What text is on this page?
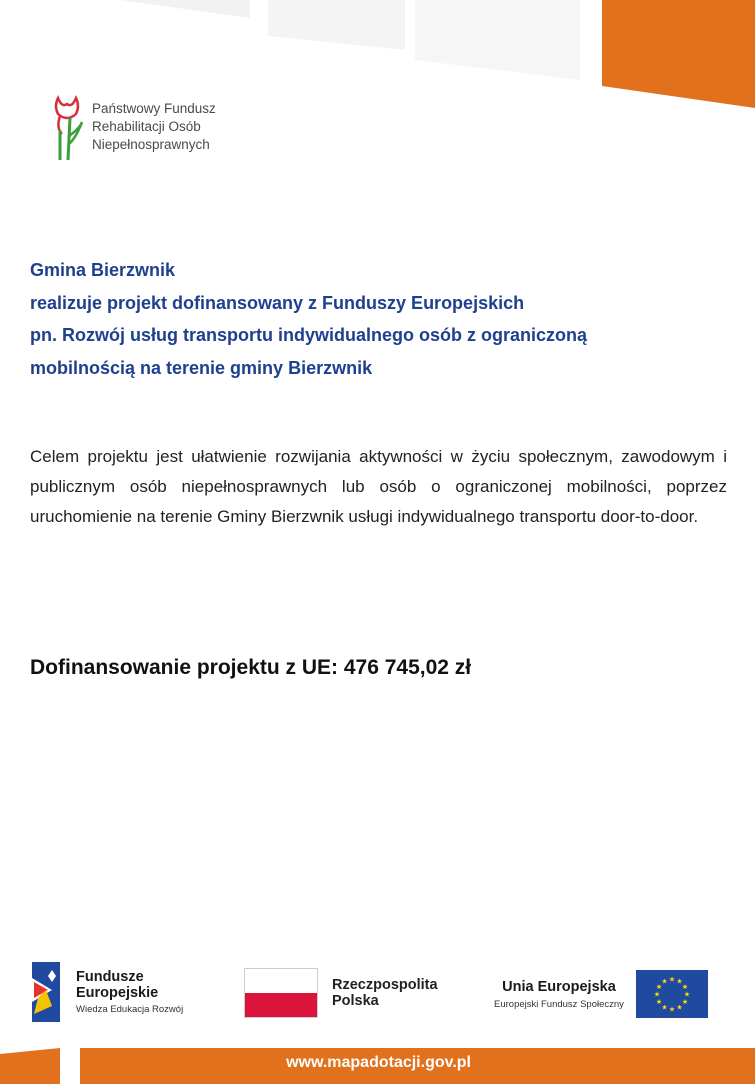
Państwowy Fundusz
Rehabilitacji Osób
Niepełnosprawnych
Gmina Bierzwnik
realizuje projekt dofinansowany z Funduszy Europejskich
pn. Rozwój usług transportu indywidualnego osób z ograniczoną
mobilnością na terenie gminy Bierzwnik

Celem projektu jest ułatwienie rozwijania aktywności w życiu społecznym, zawodowym i publicznym osób niepełnosprawnych lub osób o ograniczonej mobilności, poprzez uruchomienie na terenie Gminy Bierzwnik usługi indywidualnego transportu door-to-door.

Dofinansowanie projektu z UE: 476 745,02 zł
Fundusze
Europejskie
Wiedza Edukacja Rozwój
Rzeczpospolita
Polska
Unia Europejska
Europejski Fundusz Społeczny
★ ★
★
★
★
★
★
★
★
★
★
★
www.mapadotacji.gov.pl
